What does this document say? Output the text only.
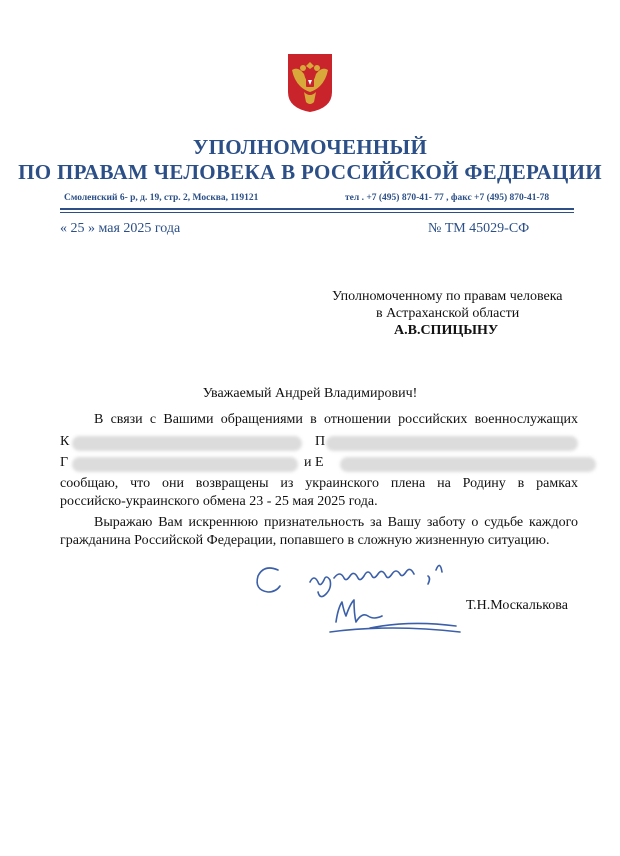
УПОЛНОМОЧЕННЫЙ
ПО ПРАВАМ ЧЕЛОВЕКА В РОССИЙСКОЙ ФЕДЕРАЦИИ
Смоленский 6- р, д. 19, стр. 2, Москва, 119121	тел . +7 (495) 870-41- 77 , факс +7 (495) 870-41-78
« 25 » мая 2025 года	№ ТМ 45029-СФ
Уполномоченному по правам человека
в Астраханской области
А.В.СПИЦЫНУ
Уважаемый Андрей Владимирович!
В связи с Вашими обращениями в отношении российских военнослужащих
К	П
Г	и Е
сообщаю, что они возвращены из украинского плена на Родину в рамках
российско-украинского обмена 23 - 25 мая 2025 года.
Выражаю Вам искреннюю признательность за Вашу заботу о судьбе каждого
гражданина Российской Федерации, попавшего в сложную жизненную ситуацию.
Т.Н.Москалькова
